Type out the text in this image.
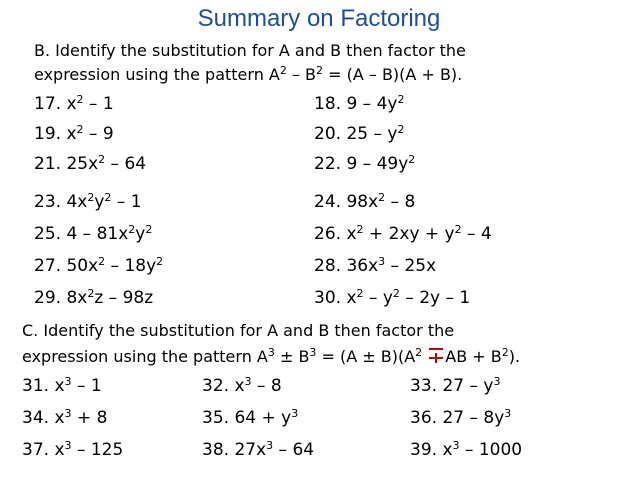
Summary on Factoring
B. Identify the substitution for A and B then factor the
expression using the pattern $A^2 - B^2 = (A - B)(A + B)$.
17. $x^2 - 1$	18. $9 - 4y^2$
19. $x^2 - 9$	20. $25 - y^2$
21. $25x^2 - 64$	22. $9 - 49y^2$
23. $4x^2y^2 - 1$	24. $98x^2 - 8$
25. $4 - 81x^2y^2$	26. $x^2 + 2xy + y^2 - 4$
27. $50x^2 - 18y^2$	28. $36x^3 - 25x$
29. $8x^2z - 98z$	30. $x^2 - y^2 - 2y - 1$
C. Identify the substitution for A and B then factor the
expression using the pattern $A^3 \pm B^3 = (A \pm B)(A^2$ AB + $B^2$).
31. $x^3 - 1$	32. $x^3 - 8$	33. $27 - y^3$
34. $x^3 + 8$	35. $64 + y^3$	36. $27 - 8y^3$
37. $x^3 - 125$	38. $27x^3 - 64$	39. $x^3 - 1000$
